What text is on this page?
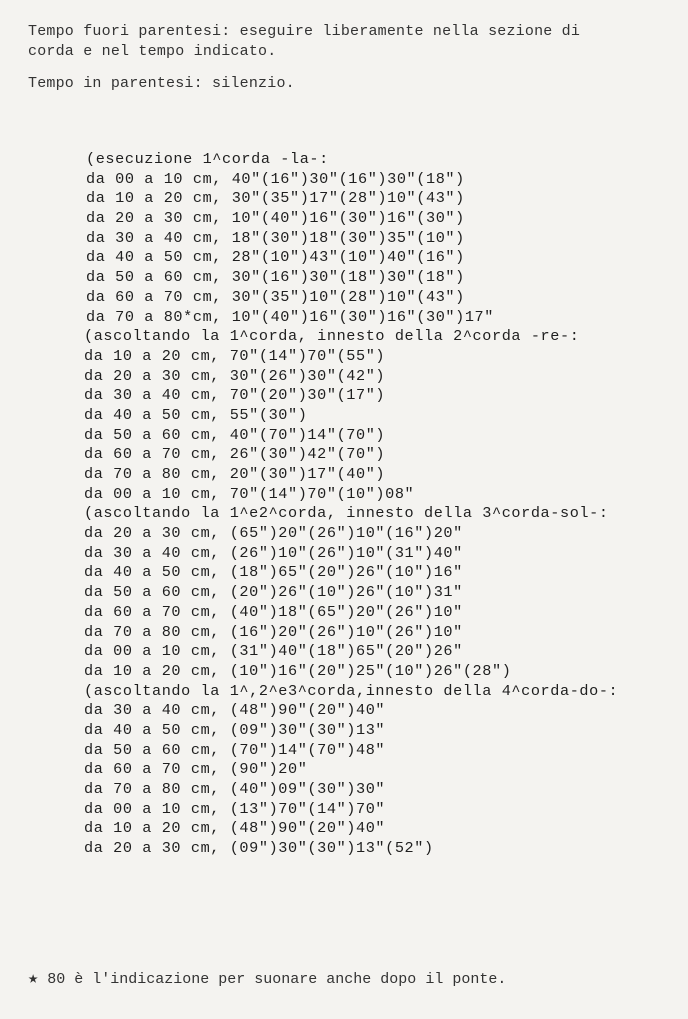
Tempo fuori parentesi: eseguire liberamente nella sezione di

corda e nel tempo indicato.

Tempo in parentesi: silenzio.

(esecuzione 1^corda -la-:
da 00 a 10 cm, 40"(16")30"(16")30"(18")
da 10 a 20 cm, 30"(35")17"(28")10"(43")
da 20 a 30 cm, 10"(40")16"(30")16"(30")
da 30 a 40 cm, 18"(30")18"(30")35"(10")
da 40 a 50 cm, 28"(10")43"(10")40"(16")
da 50 a 60 cm, 30"(16")30"(18")30"(18")
da 60 a 70 cm, 30"(35")10"(28")10"(43")
da 70 a 80*cm, 10"(40")16"(30")16"(30")17"
(ascoltando la 1^corda, innesto della 2^corda -re-:
da 10 a 20 cm, 70"(14")70"(55")
da 20 a 30 cm, 30"(26")30"(42")
da 30 a 40 cm, 70"(20")30"(17")
da 40 a 50 cm, 55"(30")
da 50 a 60 cm, 40"(70")14"(70")
da 60 a 70 cm, 26"(30")42"(70")
da 70 a 80 cm, 20"(30")17"(40")
da 00 a 10 cm, 70"(14")70"(10")08"
(ascoltando la 1^e2^corda, innesto della 3^corda-sol-:
da 20 a 30 cm, (65")20"(26")10"(16")20"
da 30 a 40 cm, (26")10"(26")10"(31")40"
da 40 a 50 cm, (18")65"(20")26"(10")16"
da 50 a 60 cm, (20")26"(10")26"(10")31"
da 60 a 70 cm, (40")18"(65")20"(26")10"
da 70 a 80 cm, (16")20"(26")10"(26")10"
da 00 a 10 cm, (31")40"(18")65"(20")26"
da 10 a 20 cm, (10")16"(20")25"(10")26"(28")
(ascoltando la 1^,2^e3^corda,innesto della 4^corda-do-:
da 30 a 40 cm, (48")90"(20")40"
da 40 a 50 cm, (09")30"(30")13"
da 50 a 60 cm, (70")14"(70")48"
da 60 a 70 cm, (90")20"
da 70 a 80 cm, (40")09"(30")30"
da 00 a 10 cm, (13")70"(14")70"
da 10 a 20 cm, (48")90"(20")40"
da 20 a 30 cm, (09")30"(30")13"(52")
★ 80 è l'indicazione per suonare anche dopo il ponte.
